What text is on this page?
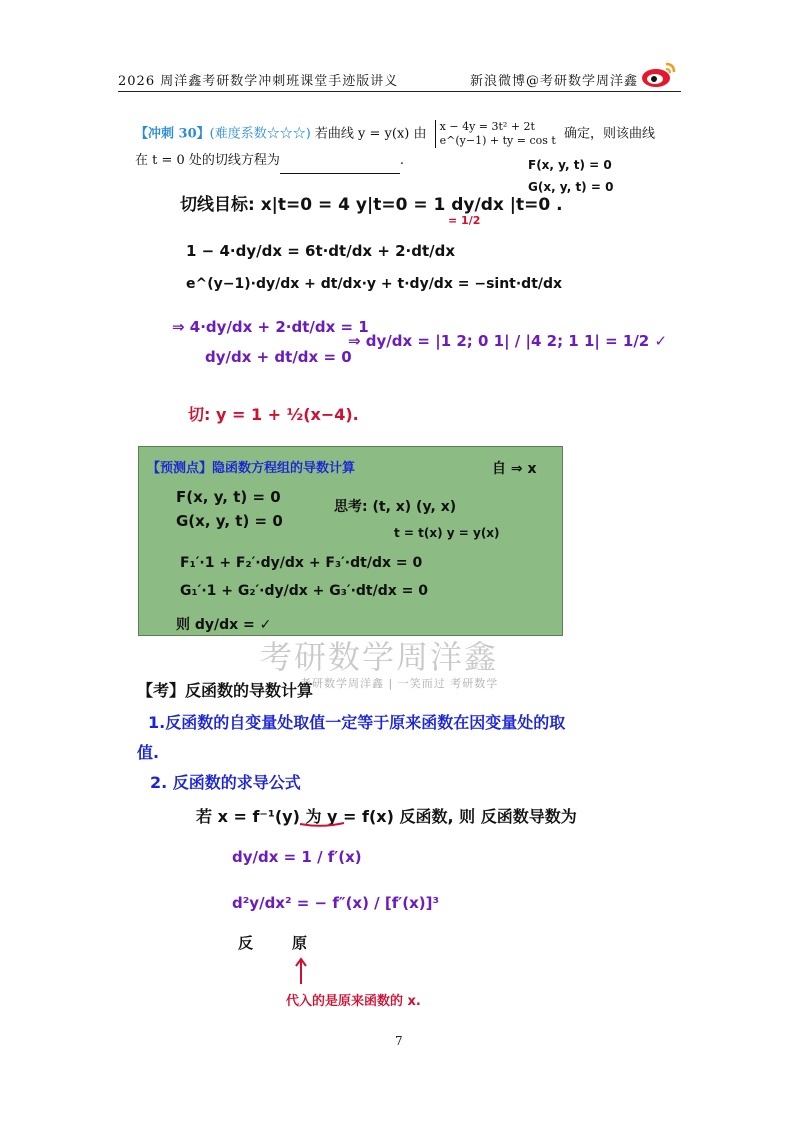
2026 周洋鑫考研数学冲刺班课堂手迹版讲义	新浪微博@考研数学周洋鑫
【冲刺 30】(难度系数☆☆☆) 若曲线 y = y(x) 由 x − 4y = 3t² + 2t
e^(y−1) + ty = cos t 确定，则该曲线
在 t = 0 处的切线方程为	.	F(x, y, t) = 0
G(x, y, t) = 0
切线目标: x|t=0 = 4 y|t=0 = 1 dy/dx |t=0 .
= 1/2
1 − 4·dy/dx = 6t·dt/dx + 2·dt/dx
e^(y−1)·dy/dx + dt/dx·y + t·dy/dx = −sint·dt/dx
⇒ 4·dy/dx + 2·dt/dx = 1
dy/dx + dt/dx = 0
⇒ dy/dx = |1 2; 0 1| / |4 2; 1 1| = 1/2 ✓
切: y = 1 + ½(x−4).
【预测点】隐函数方程组的导数计算	自 ⇒ x
F(x, y, t) = 0
G(x, y, t) = 0
思考: (t, x) (y, x)
t = t(x) y = y(x)
F₁′·1 + F₂′·dy/dx + F₃′·dt/dx = 0
G₁′·1 + G₂′·dy/dx + G₃′·dt/dx = 0
则 dy/dx = ✓
考研数学周洋鑫
考研数学周洋鑫 | 一笑而过 考研数学
【考】反函数的导数计算
1.反函数的自变量处取值一定等于原来函数在因变量处的取
值.
2. 反函数的求导公式
若 x = f⁻¹(y) 为 y = f(x) 反函数, 则 反函数导数为
dy/dx = 1 / f′(x)
d²y/dx² = − f″(x) / [f′(x)]³
反	原
代入的是原来函数的 x.
7
